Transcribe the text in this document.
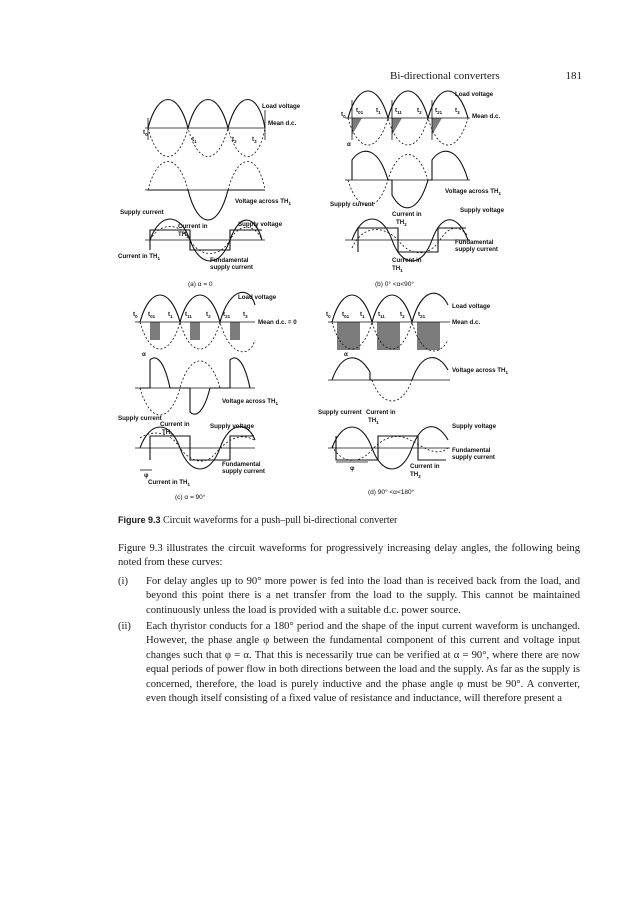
Bi-directional converters	181
Load voltage
Mean d.c.
$t_0$
$t_1$	$t_2$ $t_3$
Voltage across $TH_1$
Supply current
Current in
$TH_2$
Supply voltage
Current in $TH_1$	Fundamental
supply current
(a) α = 0
Load voltage
Mean d.c.
$t_0$
$t_{01}$ $t_1$ $t_{11}$ $t_2$ $t_{21}$ $t_3$
α
Voltage across $TH_1$
Supply current
Current in
$TH_2$
Supply voltage
Fundamental
supply current
Current in
$TH_1$
(b) 0° <α<90°
Load voltage
Mean d.c. = 0
$t_0$ $t_{01}$ $t_1$ $t_{11}$ $t_2$ $t_{21}$ $t_3$
α
Voltage across $TH_1$
φ
Supply current
Current in
$TH_2$
Supply voltage
Fundamental
supply current
Current in $TH_1$
(c) α = 90°
Load voltage
Mean d.c.
$t_0$ $t_{01}$ $t_1$ $t_{11}$ $t_2$ $t_{21}$
α
Voltage across $TH_1$
φ
Supply current Current in
$TH_1$
Supply voltage
Fundamental
supply current
Current in
$TH_2$
(d) 90° <α<180°
Figure 9.3 Circuit waveforms for a push–pull bi-directional converter

Figure 9.3 illustrates the circuit waveforms for progressively increasing delay angles, the following being noted from these curves:

(i)	For delay angles up to 90° more power is fed into the load than is received back from the load, and beyond this point there is a net transfer from the load to the supply. This cannot be maintained continuously unless the load is provided with a suitable d.c. power source.
(ii)	Each thyristor conducts for a 180° period and the shape of the input current waveform is unchanged. However, the phase angle φ between the fundamental component of this current and voltage input changes such that φ = α. That this is necessarily true can be verified at α = 90°, where there are now equal periods of power flow in both directions between the load and the supply. As far as the supply is concerned, therefore, the load is purely inductive and the phase angle φ must be 90°. A converter, even though itself consisting of a fixed value of resistance and inductance, will therefore present a
